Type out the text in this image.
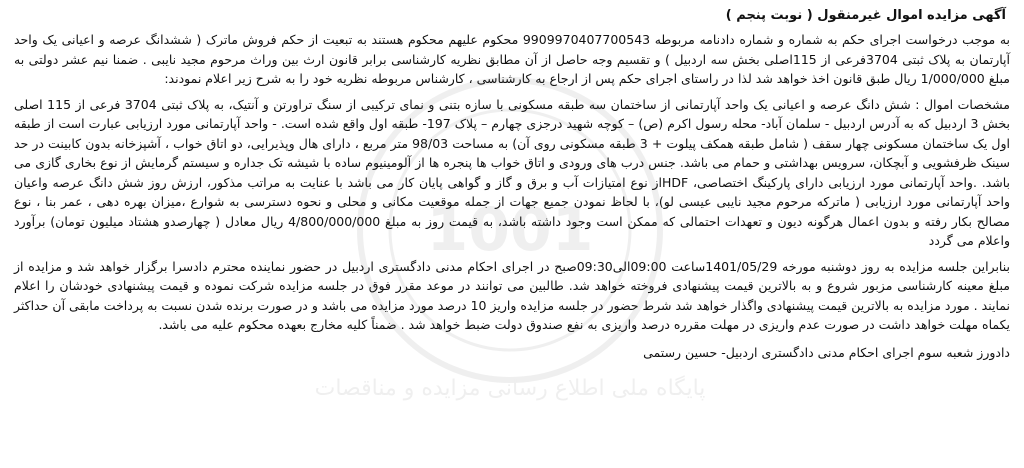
1001
پایگاه ملی اطلاع رسانی مزایده و مناقصات
آگهی مزایده اموال غیرمنقول ( نوبت پنجم )

به موجب درخواست اجرای حکم به شماره و شماره دادنامه مربوطه 9909970407700543 محکوم علیهم محکوم هستند به تبعیت از حکم فروش ماترک ( ششدانگ عرصه و اعیانی یک واحد آپارتمان به پلاک ثبتی 3704فرعی از 115اصلی بخش سه اردبیل ) و تقسیم وجه حاصل از آن مطابق نظریه کارشناسی برابر قانون ارث بین وراث مرحوم مجید نایبی . ضمنا نیم عشر دولتی به مبلغ 1/000/000 ریال طبق قانون اخذ خواهد شد لذا در راستای اجرای حکم پس از ارجاع به کارشناسی ، کارشناس مربوطه نظریه خود را به شرح زیر اعلام نمودند:

مشخصات اموال : شش دانگ عرصه و اعیانی یک واحد آپارتمانی از ساختمان سه طبقه مسکونی با سازه بتنی و نمای ترکیبی از سنگ تراورتن و آنتیک، به پلاک ثبتی 3704 فرعی از 115 اصلی بخش 3 اردبیل که به آدرس اردبیل - سلمان آباد- محله رسول اکرم (ص) – کوچه شهید درجزی چهارم – پلاک 197- طبقه اول واقع شده است. - واحد آپارتمانی مورد ارزیابی عبارت است از طبقه اول یک ساختمان مسکونی چهار سقف ( شامل طبقه همکف پیلوت + 3 طبقه مسکونی روی آن) به مساحت 98/03 متر مربع ، دارای هال وپذیرایی، دو اتاق خواب ، آشپزخانه بدون کابینت در حد سینک ظرفشویی و آبچکان، سرویس بهداشتی و حمام می باشد. جنس درب های ورودی و اتاق خواب ها پنجره ها از آلومینیوم ساده با شیشه تک جداره و سیستم گرمایش از نوع بخاری گازی می باشد. .واحد آپارتمانی مورد ارزیابی دارای پارکینگ اختصاصی، HDFاز نوع امتیازات آب و برق و گاز و گواهی پایان کار می باشد با عنایت به مراتب مذکور، ارزش روز شش دانگ عرصه واعیان واحد آپارتمانی مورد ارزیابی ( ماترکه مرحوم مجید نایبی عیسی لو)، با لحاظ نمودن جمیع جهات از جمله موقعیت مکانی و محلی و نحوه دسترسی به شوارع ،میزان بهره دهی ، عمر بنا ، نوع مصالح بکار رفته و بدون اعمال هرگونه دیون و تعهدات احتمالی که ممکن است وجود داشته باشد، به قیمت روز به مبلغ 4/800/000/000 ریال معادل ( چهارصدو هشتاد میلیون تومان) برآورد واعلام می گردد

بنابراین جلسه مزایده به روز دوشنبه مورخه 1401/05/29ساعت 09:00الی09:30صبح در اجرای احکام مدنی دادگستری اردبیل در حضور نماینده محترم دادسرا برگزار خواهد شد و مزایده از مبلغ معینه کارشناسی مزبور شروع و به بالاترین قیمت پیشنهادی فروخته خواهد شد. طالبین می توانند در موعد مقرر فوق در جلسه مزایده شرکت نموده و قیمت پیشنهادی خودشان را اعلام نمایند . مورد مزایده به بالاترین قیمت پیشنهادی واگذار خواهد شد شرط حضور در جلسه مزایده واریز 10 درصد مورد مزایده می باشد و در صورت برنده شدن نسبت به پرداخت مابقی آن حداکثر یکماه مهلت خواهد داشت در صورت عدم واریزی در مهلت مقرره درصد واریزی به نفع صندوق دولت ضبط خواهد شد . ضمناً کلیه مخارج بعهده محکوم علیه می باشد.

دادورز شعبه سوم اجرای احکام مدنی دادگستری اردبیل- حسین رستمی
